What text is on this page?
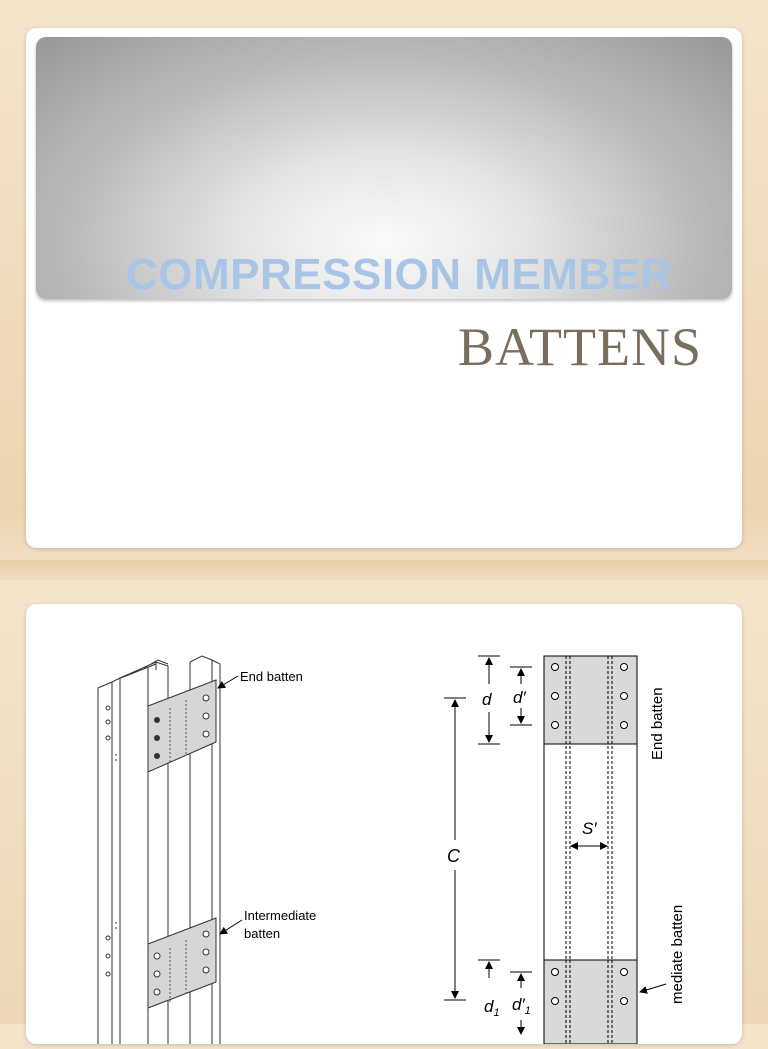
COMPRESSION MEMBER
BATTENS
End batten
Intermediate
batten
d d′
C
S′
$d_1$ $d'_1$
End batten
mediate batten
